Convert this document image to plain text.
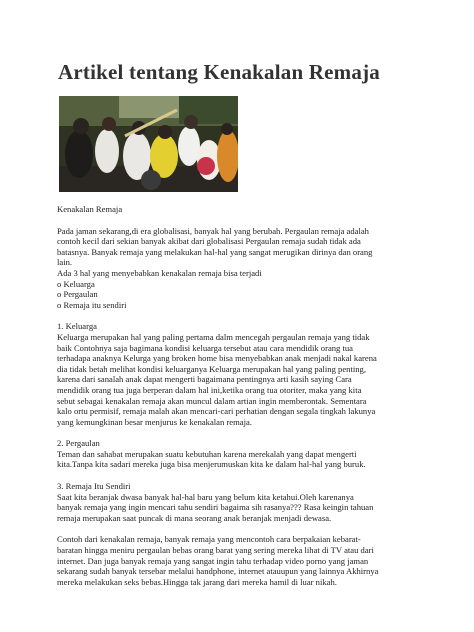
Artikel tentang Kenakalan Remaja

Kenakalan Remaja

Pada jaman sekarang,di era globalisasi, banyak hal yang berubah. Pergaulan remaja adalah

contoh kecil dari sekian banyak akibat dari globalisasi Pergaulan remaja sudah tidak ada

batasnya. Banyak remaja yang melakukan hal-hal yang sangat merugikan dirinya dan orang

lain.

Ada 3 hal yang menyebabkan kenakalan remaja bisa terjadi

o Keluarga

o Pergaulan

o Remaja itu sendiri

1. Keluarga

Keluarga merupakan hal yang paling pertama dalm mencegah pergaulan remaja yang tidak

baik Contohnya saja bagimana kondisi keluarga tersebut atau cara mendidik orang tua

terhadapa anaknya Kelurga yang broken home bisa menyebabkan anak menjadi nakal karena

dia tidak betah melihat kondisi keluarganya Keluarga merupakan hal yang paling penting,

karena dari sanalah anak dapat mengerti bagaimana pentingnya arti kasih saying Cara

mendidik orang tua juga berperan dalam hal ini,ketika orang tua otoriter, maka yang kita

sebut sebagai kenakalan remaja akan muncul dalam artian ingin memberontak. Sementara

kalo ortu permisif, remaja malah akan mencari-cari perhatian dengan segala tingkah lakunya

yang kemungkinan besar menjurus ke kenakalan remaja.

2. Pergaulan

Teman dan sahabat merupakan suatu kebutuhan karena merekalah yang dapat mengerti

kita.Tanpa kita sadari mereka juga bisa menjerumuskan kita ke dalam hal-hal yang buruk.

3. Remaja Itu Sendiri

Saat kita beranjak dwasa banyak hal-hal baru yang belum kita ketahui.Oleh karenanya

banyak remaja yang ingin mencari tahu sendiri bagaima sih rasanya??? Rasa keingin tahuan

remaja merupakan saat puncak di mana seorang anak beranjak menjadi dewasa.

Contoh dari kenakalan remaja, banyak remaja yang mencontoh cara berpakaian kebarat-

baratan hingga meniru pergaulan bebas orang barat yang sering mereka lihat di TV atau dari

internet. Dan juga banyak remaja yang sangat ingin tahu terhadap video porno yang jaman

sekarang sudah banyak tersebar melalui handphone, internet atauupun yang lainnya Akhirnya

mereka melakukan seks bebas.Hingga tak jarang dari mereka hamil di luar nikah.
